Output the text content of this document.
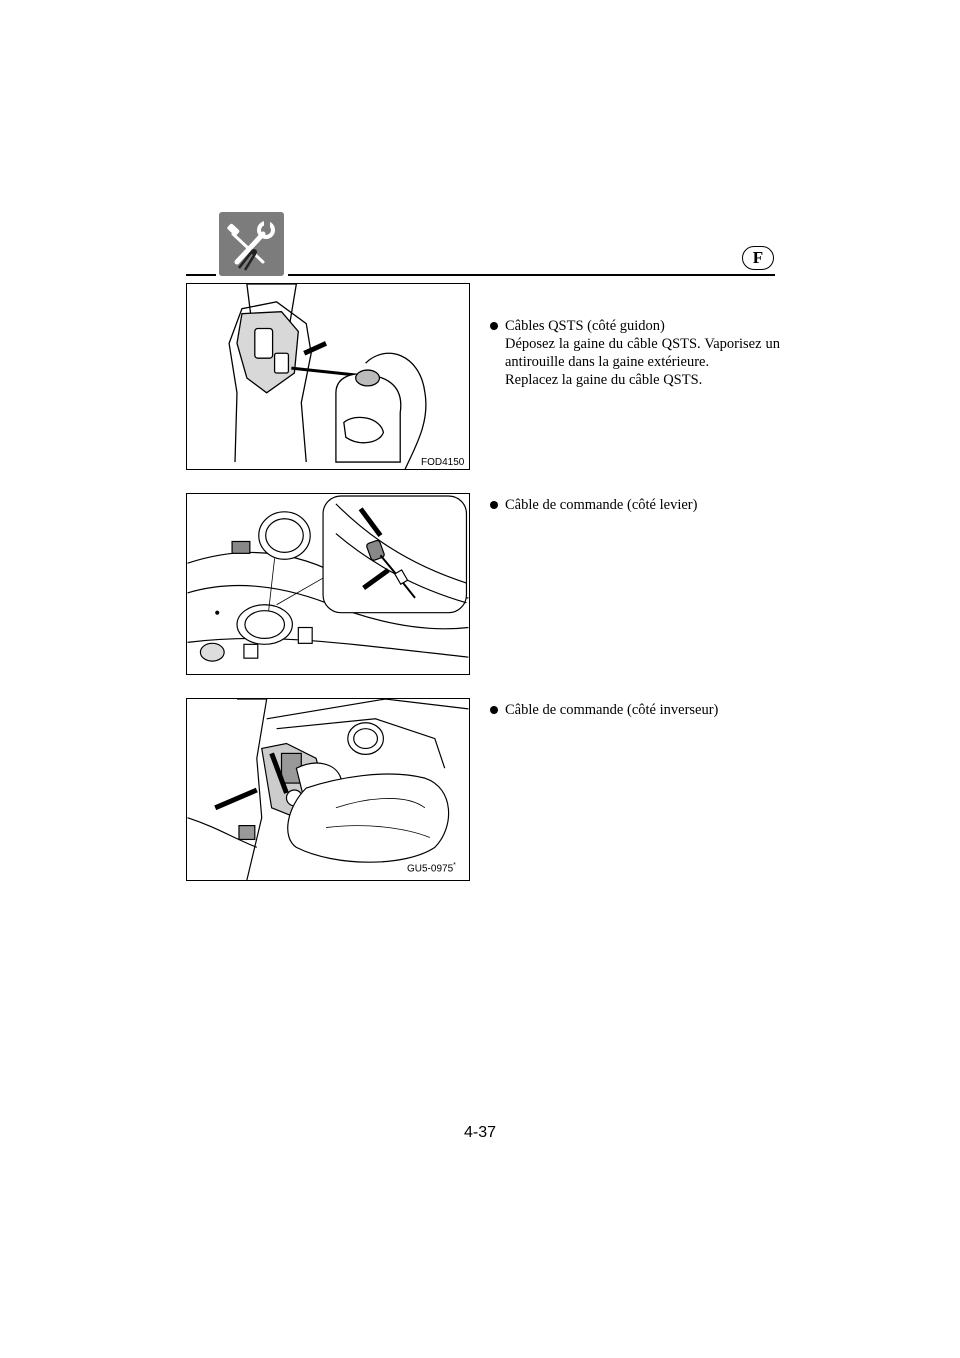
F
FOD4150

Câbles QSTS (côté guidon)

Déposez la gaine du câble QSTS. Vaporisez un antirouille dans la gaine extérieure.

Replacez la gaine du câble QSTS.

Câble de commande (côté levier)

GU5-0975*

Câble de commande (côté inverseur)

4-37
